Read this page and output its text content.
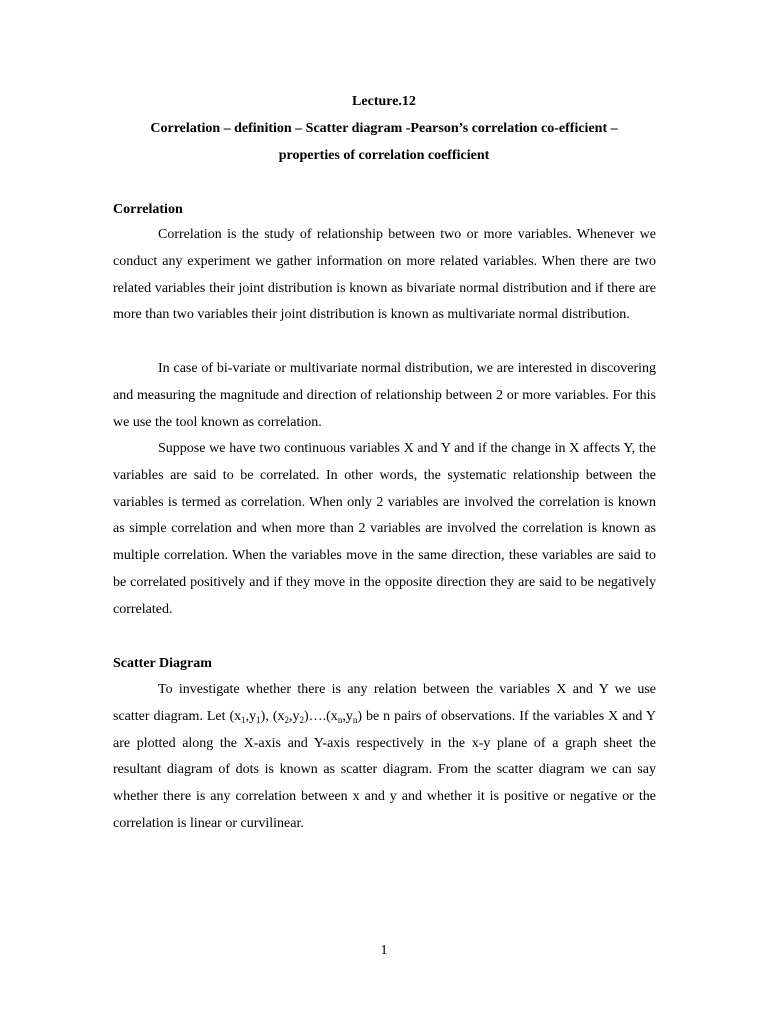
Lecture.12
Correlation – definition – Scatter diagram -Pearson’s correlation co-efficient –
properties of correlation coefficient
Correlation

Correlation is the study of relationship between two or more variables. Whenever we conduct any experiment we gather information on more related variables. When there are two related variables their joint distribution is known as bivariate normal distribution and if there are more than two variables their joint distribution is known as multivariate normal distribution.

In case of bi-variate or multivariate normal distribution, we are interested in discovering and measuring the magnitude and direction of relationship between 2 or more variables. For this we use the tool known as correlation.

Suppose we have two continuous variables X and Y and if the change in X affects Y, the variables are said to be correlated. In other words, the systematic relationship between the variables is termed as correlation. When only 2 variables are involved the correlation is known as simple correlation and when more than 2 variables are involved the correlation is known as multiple correlation. When the variables move in the same direction, these variables are said to be correlated positively and if they move in the opposite direction they are said to be negatively correlated.

Scatter Diagram

To investigate whether there is any relation between the variables X and Y we use scatter diagram. Let $(x_1,y_1)$, $(x_2,y_2)\dots.(x_n,y_n)$ be n pairs of observations. If the variables X and Y are plotted along the X-axis and Y-axis respectively in the x-y plane of a graph sheet the resultant diagram of dots is known as scatter diagram. From the scatter diagram we can say whether there is any correlation between x and y and whether it is positive or negative or the correlation is linear or curvilinear.

1
